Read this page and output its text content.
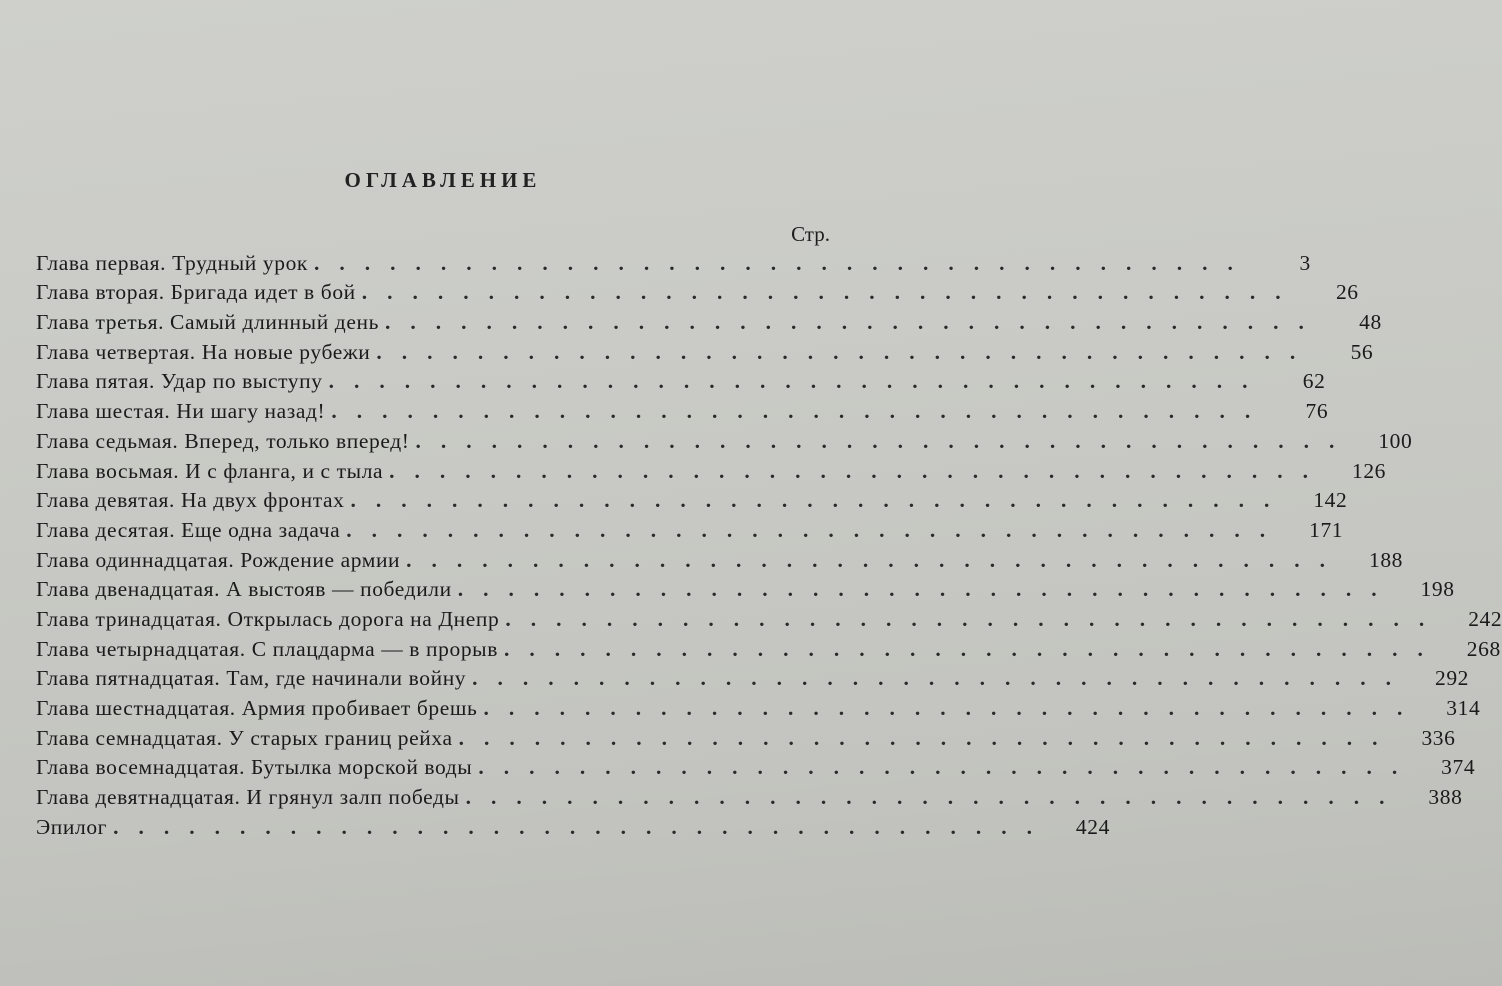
ОГЛАВЛЕНИЕ
Стр.
Глава первая. Трудный урок .....................................	3
Глава вторая. Бригада идет в бой .....................................	26
Глава третья. Самый длинный день .....................................	48
Глава четвертая. На новые рубежи .....................................	56
Глава пятая. Удар по выступу .....................................	62
Глава шестая. Ни шагу назад! .....................................	76
Глава седьмая. Вперед, только вперед! .....................................	100
Глава восьмая. И с фланга, и с тыла .....................................	126
Глава девятая. На двух фронтах .....................................	142
Глава десятая. Еще одна задача .....................................	171
Глава одиннадцатая. Рождение армии .....................................	188
Глава двенадцатая. А выстояв — победили .....................................	198
Глава тринадцатая. Открылась дорога на Днепр .....................................	242
Глава четырнадцатая. С плацдарма — в прорыв .....................................	268
Глава пятнадцатая. Там, где начинали войну .....................................	292
Глава шестнадцатая. Армия пробивает брешь .....................................	314
Глава семнадцатая. У старых границ рейха .....................................	336
Глава восемнадцатая. Бутылка морской воды .....................................	374
Глава девятнадцатая. И грянул залп победы .....................................	388
Эпилог .....................................	424
